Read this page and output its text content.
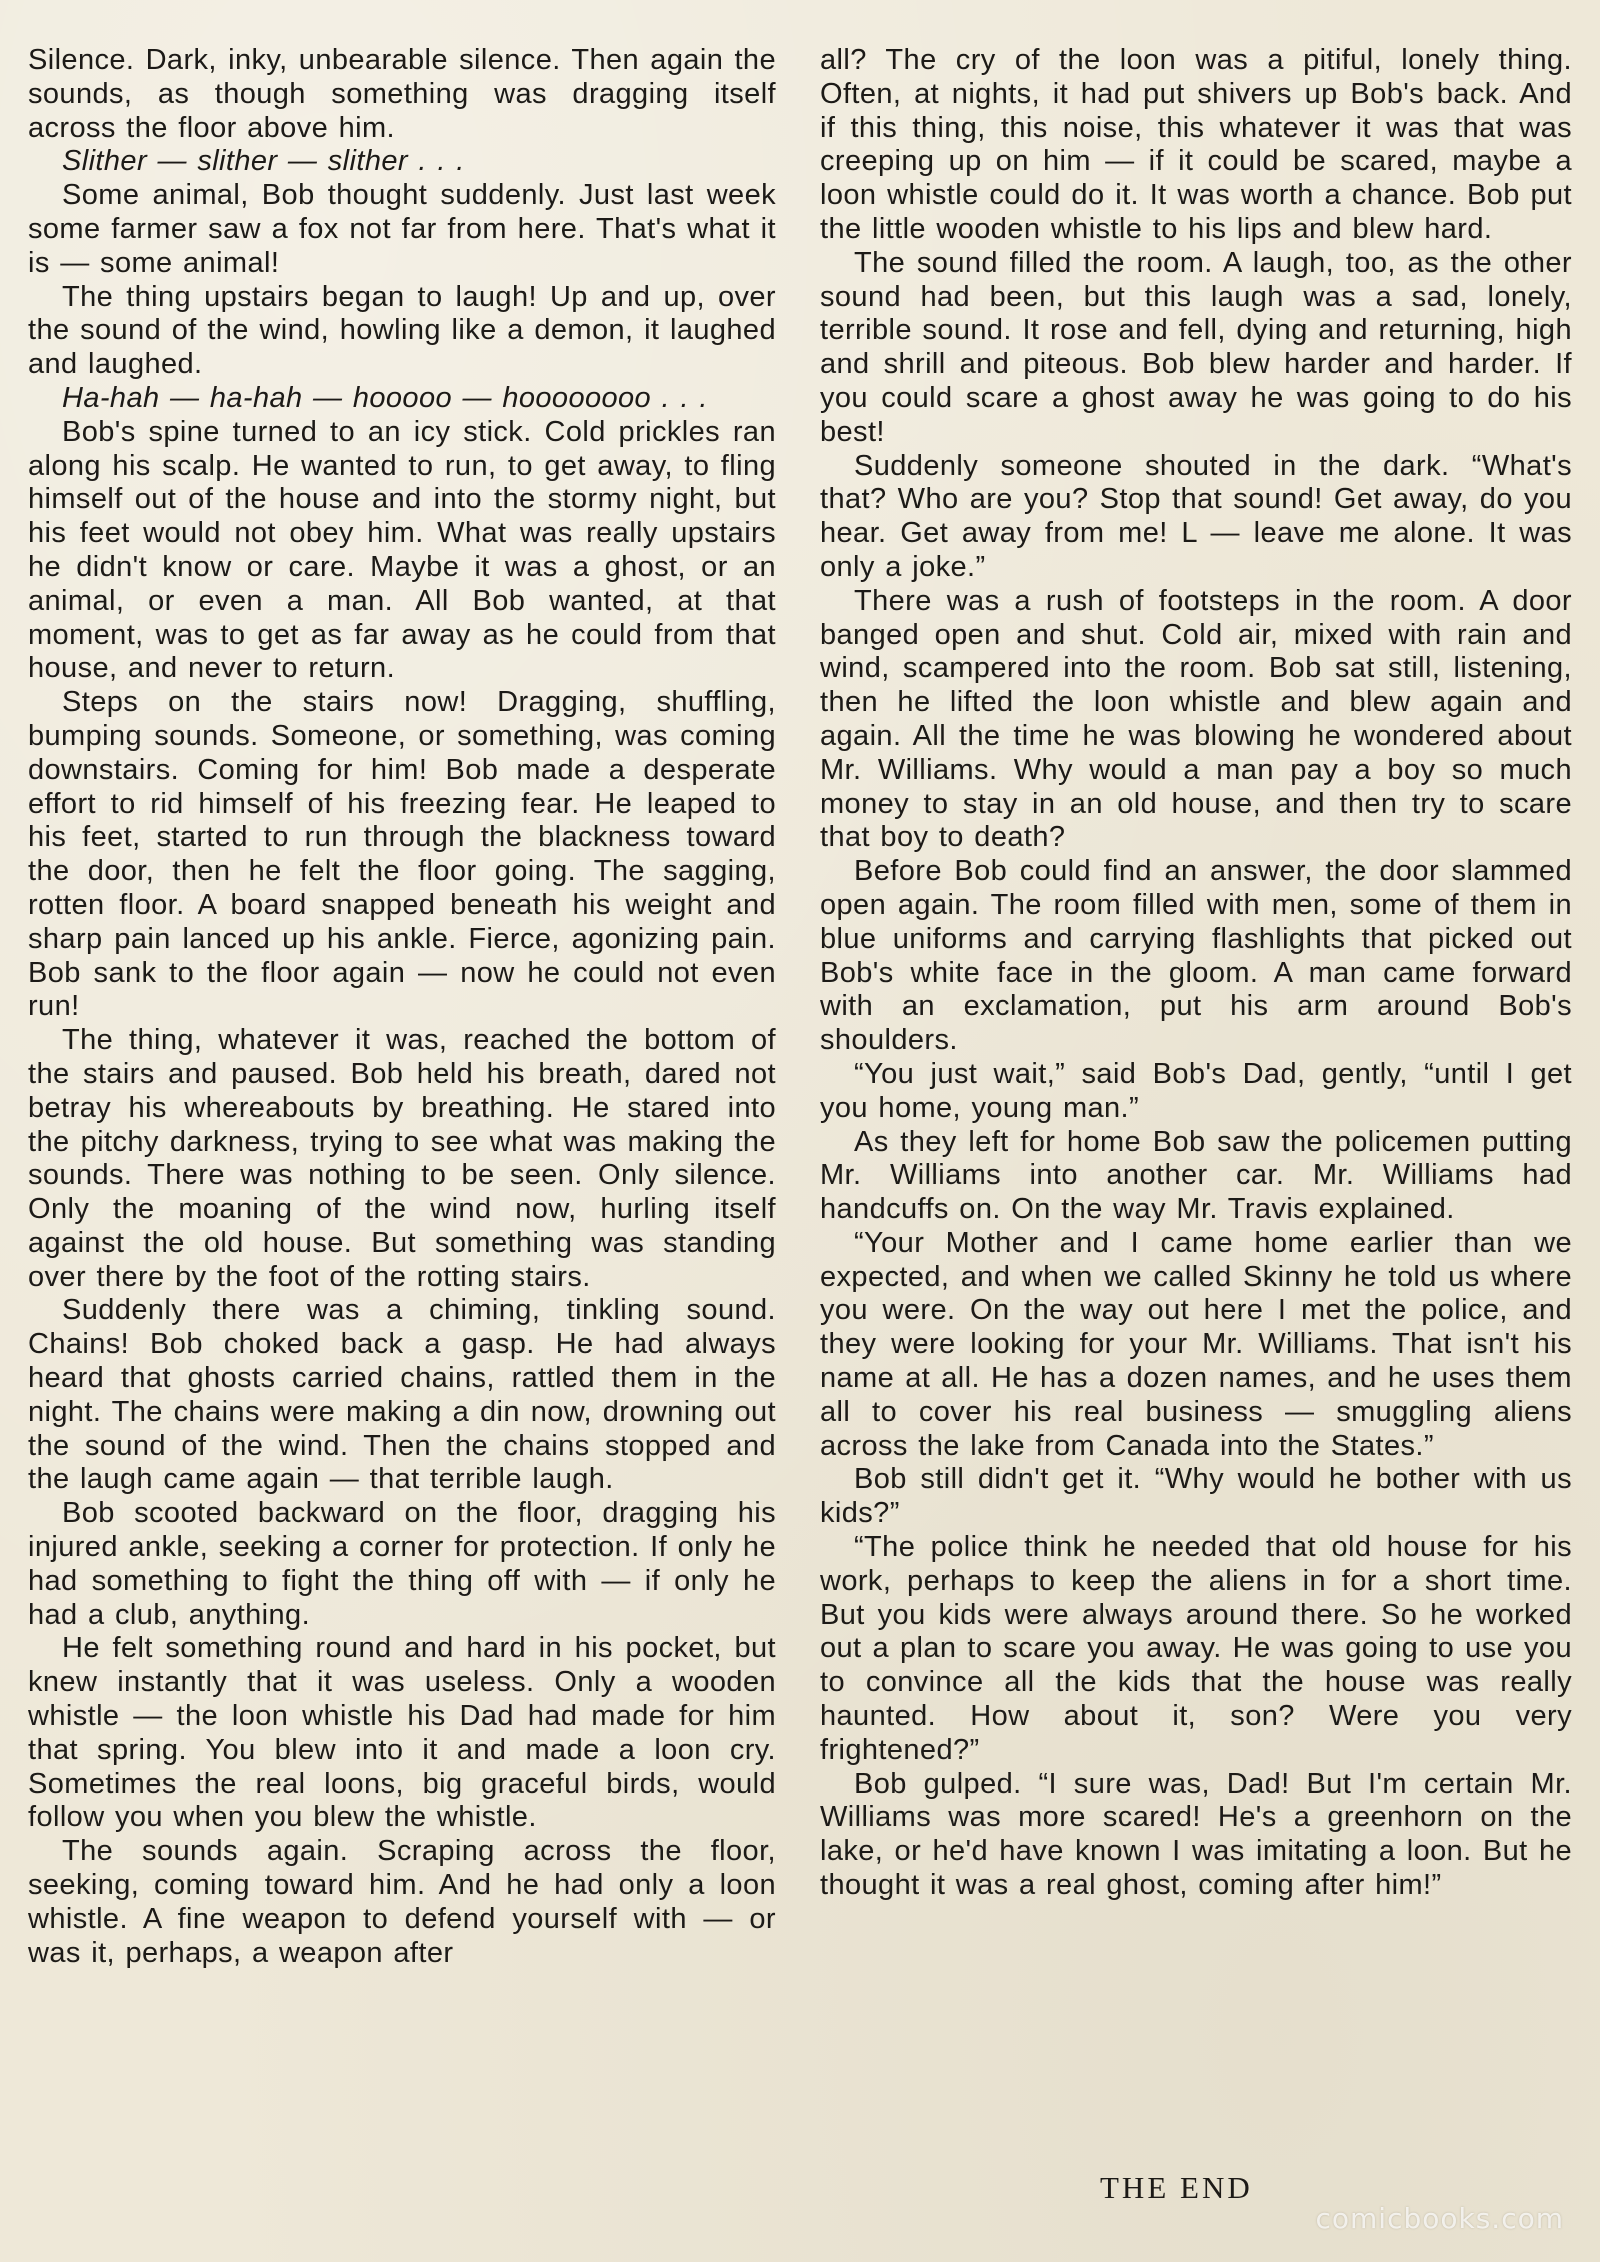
Silence. Dark, inky, unbearable silence. Then again the sounds, as though something was dragging itself across the floor above him.

Slither — slither — slither . . .

Some animal, Bob thought suddenly. Just last week some farmer saw a fox not far from here. That's what it is — some animal!

The thing upstairs began to laugh! Up and up, over the sound of the wind, howling like a demon, it laughed and laughed.

Ha-hah — ha-hah — hooooo — hoooooooo . . .

Bob's spine turned to an icy stick. Cold prickles ran along his scalp. He wanted to run, to get away, to fling himself out of the house and into the stormy night, but his feet would not obey him. What was really upstairs he didn't know or care. Maybe it was a ghost, or an animal, or even a man. All Bob wanted, at that moment, was to get as far away as he could from that house, and never to return.

Steps on the stairs now! Dragging, shuffling, bumping sounds. Someone, or something, was coming downstairs. Coming for him! Bob made a desperate effort to rid himself of his freezing fear. He leaped to his feet, started to run through the blackness toward the door, then he felt the floor going. The sagging, rotten floor. A board snapped beneath his weight and sharp pain lanced up his ankle. Fierce, agonizing pain. Bob sank to the floor again — now he could not even run!

The thing, whatever it was, reached the bottom of the stairs and paused. Bob held his breath, dared not betray his whereabouts by breathing. He stared into the pitchy darkness, trying to see what was making the sounds. There was nothing to be seen. Only silence. Only the moaning of the wind now, hurling itself against the old house. But something was standing over there by the foot of the rotting stairs.

Suddenly there was a chiming, tinkling sound. Chains! Bob choked back a gasp. He had always heard that ghosts carried chains, rattled them in the night. The chains were making a din now, drowning out the sound of the wind. Then the chains stopped and the laugh came again — that terrible laugh.

Bob scooted backward on the floor, dragging his injured ankle, seeking a corner for protection. If only he had something to fight the thing off with — if only he had a club, anything.

He felt something round and hard in his pocket, but knew instantly that it was useless. Only a wooden whistle — the loon whistle his Dad had made for him that spring. You blew into it and made a loon cry. Sometimes the real loons, big graceful birds, would follow you when you blew the whistle.

The sounds again. Scraping across the floor, seeking, coming toward him. And he had only a loon whistle. A fine weapon to defend yourself with — or was it, perhaps, a weapon after

all? The cry of the loon was a pitiful, lonely thing. Often, at nights, it had put shivers up Bob's back. And if this thing, this noise, this whatever it was that was creeping up on him — if it could be scared, maybe a loon whistle could do it. It was worth a chance. Bob put the little wooden whistle to his lips and blew hard.

The sound filled the room. A laugh, too, as the other sound had been, but this laugh was a sad, lonely, terrible sound. It rose and fell, dying and returning, high and shrill and piteous. Bob blew harder and harder. If you could scare a ghost away he was going to do his best!

Suddenly someone shouted in the dark. “What's that? Who are you? Stop that sound! Get away, do you hear. Get away from me! L — leave me alone. It was only a joke.”

There was a rush of footsteps in the room. A door banged open and shut. Cold air, mixed with rain and wind, scampered into the room. Bob sat still, listening, then he lifted the loon whistle and blew again and again. All the time he was blowing he wondered about Mr. Williams. Why would a man pay a boy so much money to stay in an old house, and then try to scare that boy to death?

Before Bob could find an answer, the door slammed open again. The room filled with men, some of them in blue uniforms and carrying flashlights that picked out Bob's white face in the gloom. A man came forward with an exclamation, put his arm around Bob's shoulders.

“You just wait,” said Bob's Dad, gently, “until I get you home, young man.”

As they left for home Bob saw the policemen putting Mr. Williams into another car. Mr. Williams had handcuffs on. On the way Mr. Travis explained.

“Your Mother and I came home earlier than we expected, and when we called Skinny he told us where you were. On the way out here I met the police, and they were looking for your Mr. Williams. That isn't his name at all. He has a dozen names, and he uses them all to cover his real business — smuggling aliens across the lake from Canada into the States.”

Bob still didn't get it. “Why would he bother with us kids?”

“The police think he needed that old house for his work, perhaps to keep the aliens in for a short time. But you kids were always around there. So he worked out a plan to scare you away. He was going to use you to convince all the kids that the house was really haunted. How about it, son? Were you very frightened?”

Bob gulped. “I sure was, Dad! But I'm certain Mr. Williams was more scared! He's a greenhorn on the lake, or he'd have known I was imitating a loon. But he thought it was a real ghost, coming after him!”

THE END
comicbooks.com
